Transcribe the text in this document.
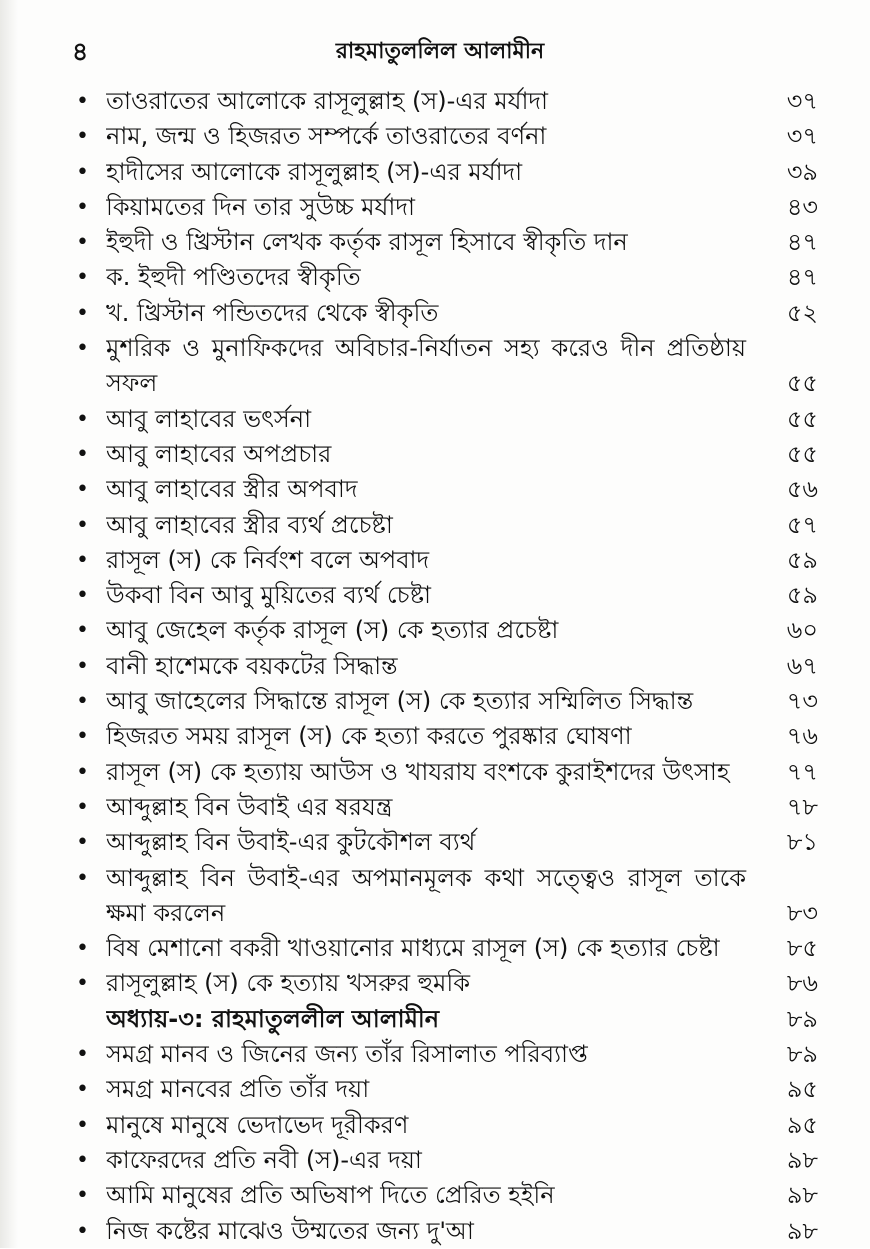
৪	রাহমাতুললিল আলামীন
• তাওরাতের আলোকে রাসূলুল্লাহ (স)-এর মর্যাদা	৩৭
• নাম, জন্ম ও হিজরত সম্পর্কে তাওরাতের বর্ণনা	৩৭
• হাদীসের আলোকে রাসূলুল্লাহ (স)-এর মর্যাদা	৩৯
• কিয়ামতের দিন তার সুউচ্চ মর্যাদা	৪৩
• ইহুদী ও খ্রিস্টান লেখক কর্তৃক রাসূল হিসাবে স্বীকৃতি দান	৪৭
• ক. ইহুদী পণ্ডিতদের স্বীকৃতি	৪৭
• খ. খ্রিস্টান পন্ডিতদের থেকে স্বীকৃতি	৫২
• মুশরিক ও মুনাফিকদের অবিচার-নির্যাতন সহ্য করেও দীন প্রতিষ্ঠায় সফল	৫৫
• আবু লাহাবের ভৎর্সনা	৫৫
• আবু লাহাবের অপপ্রচার	৫৫
• আবু লাহাবের স্ত্রীর অপবাদ	৫৬
• আবু লাহাবের স্ত্রীর ব্যর্থ প্রচেষ্টা	৫৭
• রাসূল (স) কে নির্বংশ বলে অপবাদ	৫৯
• উকবা বিন আবু মুয়িতের ব্যর্থ চেষ্টা	৫৯
• আবু জেহেল কর্তৃক রাসূল (স) কে হত্যার প্রচেষ্টা	৬০
• বানী হাশেমকে বয়কটের সিদ্ধান্ত	৬৭
• আবু জাহেলের সিদ্ধান্তে রাসূল (স) কে হত্যার সম্মিলিত সিদ্ধান্ত	৭৩
• হিজরত সময় রাসূল (স) কে হত্যা করতে পুরষ্কার ঘোষণা	৭৬
• রাসূল (স) কে হত্যায় আউস ও খাযরায বংশকে কুরাইশদের উৎসাহ	৭৭
• আব্দুল্লাহ বিন উবাই এর ষরযন্ত্র	৭৮
• আব্দুল্লাহ বিন উবাই-এর কুটকৌশল ব্যর্থ	৮১
• আব্দুল্লাহ বিন উবাই-এর অপমানমূলক কথা সত্ত্বেও রাসূল তাকে ক্ষমা করলেন	৮৩
• বিষ মেশানো বকরী খাওয়ানোর মাধ্যমে রাসূল (স) কে হত্যার চেষ্টা	৮৫
• রাসূলুল্লাহ (স) কে হত্যায় খসরুর হুমকি	৮৬
অধ্যায়-৩: রাহমাতুললীল আলামীন	৮৯
• সমগ্র মানব ও জিনের জন্য তাঁর রিসালাত পরিব্যাপ্ত	৮৯
• সমগ্র মানবের প্রতি তাঁর দয়া	৯৫
• মানুষে মানুষে ভেদাভেদ দূরীকরণ	৯৫
• কাফেরদের প্রতি নবী (স)-এর দয়া	৯৮
• আমি মানুষের প্রতি অভিষাপ দিতে প্রেরিত হইনি	৯৮
• নিজ কষ্টের মাঝেও উম্মতের জন্য দু'আ	৯৮
